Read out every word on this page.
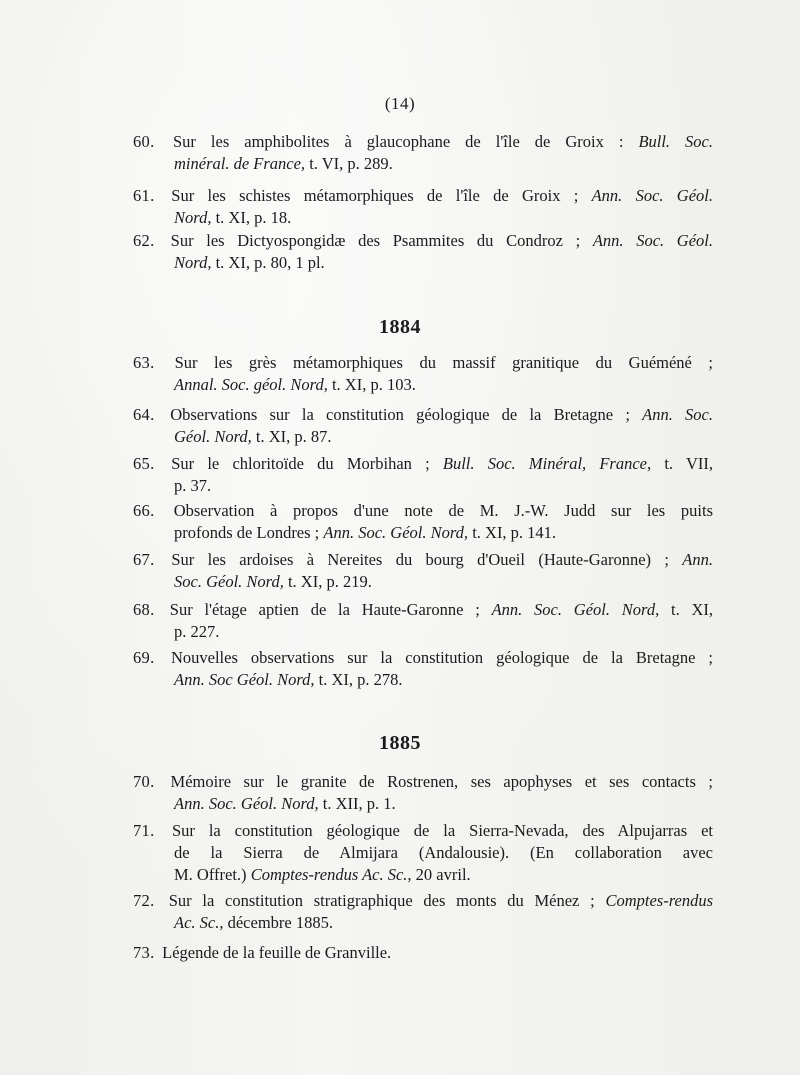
(14)
60. Sur les amphibolites à glaucophane de l'île de Groix : Bull. Soc.
minéral. de France, t. VI, p. 289.
61. Sur les schistes métamorphiques de l'île de Groix ; Ann. Soc. Géol.
Nord, t. XI, p. 18.
62. Sur les Dictyospongidæ des Psammites du Condroz ; Ann. Soc. Géol.
Nord, t. XI, p. 80, 1 pl.
1884
63. Sur les grès métamorphiques du massif granitique du Guéméné ;
Annal. Soc. géol. Nord, t. XI, p. 103.
64. Observations sur la constitution géologique de la Bretagne ; Ann. Soc.
Géol. Nord, t. XI, p. 87.
65. Sur le chloritoïde du Morbihan ; Bull. Soc. Minéral, France, t. VII,
p. 37.
66. Observation à propos d'une note de M. J.-W. Judd sur les puits
profonds de Londres ; Ann. Soc. Géol. Nord, t. XI, p. 141.
67. Sur les ardoises à Nereites du bourg d'Oueil (Haute-Garonne) ; Ann.
Soc. Géol. Nord, t. XI, p. 219.
68. Sur l'étage aptien de la Haute-Garonne ; Ann. Soc. Géol. Nord, t. XI,
p. 227.
69. Nouvelles observations sur la constitution géologique de la Bretagne ;
Ann. Soc Géol. Nord, t. XI, p. 278.
1885
70. Mémoire sur le granite de Rostrenen, ses apophyses et ses contacts ;
Ann. Soc. Géol. Nord, t. XII, p. 1.
71. Sur la constitution géologique de la Sierra-Nevada, des Alpujarras et
de la Sierra de Almijara (Andalousie). (En collaboration avec
M. Offret.) Comptes-rendus Ac. Sc., 20 avril.
72. Sur la constitution stratigraphique des monts du Ménez ; Comptes-rendus
Ac. Sc., décembre 1885.
73. Légende de la feuille de Granville.
